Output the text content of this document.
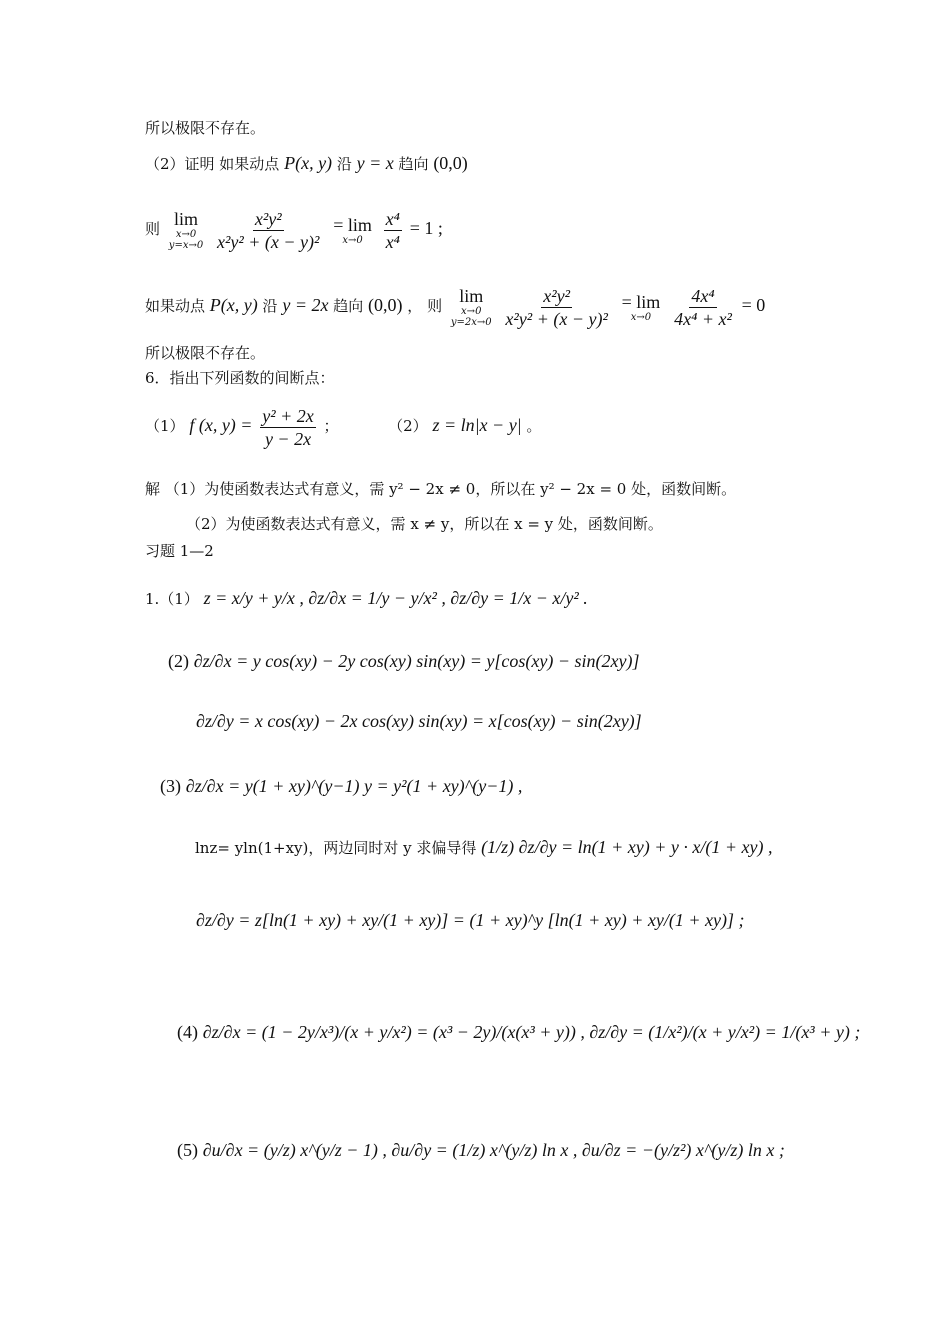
所以极限不存在。
（2）证明 如果动点 P(x, y) 沿 y = x 趋向 (0,0)
则 lim
x→0
y=x→0
$\frac{\text{x²y²}}{\text{x²y² + (x − y)²}}$
= lim
x→0
$\frac{\text{x⁴}}{\text{x⁴}} = 1$ ;
如果动点 P(x, y) 沿 y = 2x 趋向 (0,0) ， 则 lim
x→0
y=2x→0
$\frac{\text{x²y²}}{\text{x²y² + (x − y)²}}$
= lim
x→0
$\frac{\text{4x⁴}}{\text{4x⁴ + x²}} = 0$
所以极限不存在。
6．指出下列函数的间断点：
（1） f (x, $y) = \frac{\text{y² + 2x}}{y - 2x}$ ；	（2） z = ln|x − y| 。
解 （1）为使函数表达式有意义，需 y² − 2x ≠ 0，所以在 y² − 2x = 0 处，函数间断。
（2）为使函数表达式有意义，需 x ≠ y，所以在 x = y 处，函数间断。
习题 1—2
1.（1） z = x/y + y/x , ∂z/∂x = 1/y − y/x² , ∂z/∂y = 1/x − x/y² .
(2) ∂z/∂x = y cos(xy) − 2y cos(xy) sin(xy) = y[cos(xy) − sin(2xy)]
∂z/∂y = x cos(xy) − 2x cos(xy) sin(xy) = x[cos(xy) − sin(2xy)]
(3) ∂z/∂x = y(1 + xy)^(y−1) y = y²(1 + xy)^(y−1) ,
lnz= yln(1+xy)，两边同时对 y 求偏导得 (1/z) ∂z/∂y = ln(1 + xy) + y · x/(1 + xy) ,
∂z/∂y = z[ln(1 + xy) + xy/(1 + xy)] = (1 + xy)^y [ln(1 + xy) + xy/(1 + xy)] ;
(4) ∂z/∂x = (1 − 2y/x³)/(x + y/x²) = (x³ − 2y)/(x(x³ + y)) , ∂z/∂y = (1/x²)/(x + y/x²) = 1/(x³ + y) ;
(5) ∂u/∂x = (y/z) x^(y/z − 1) , ∂u/∂y = (1/z) x^(y/z) ln x , ∂u/∂z = −(y/z²) x^(y/z) ln x ;
